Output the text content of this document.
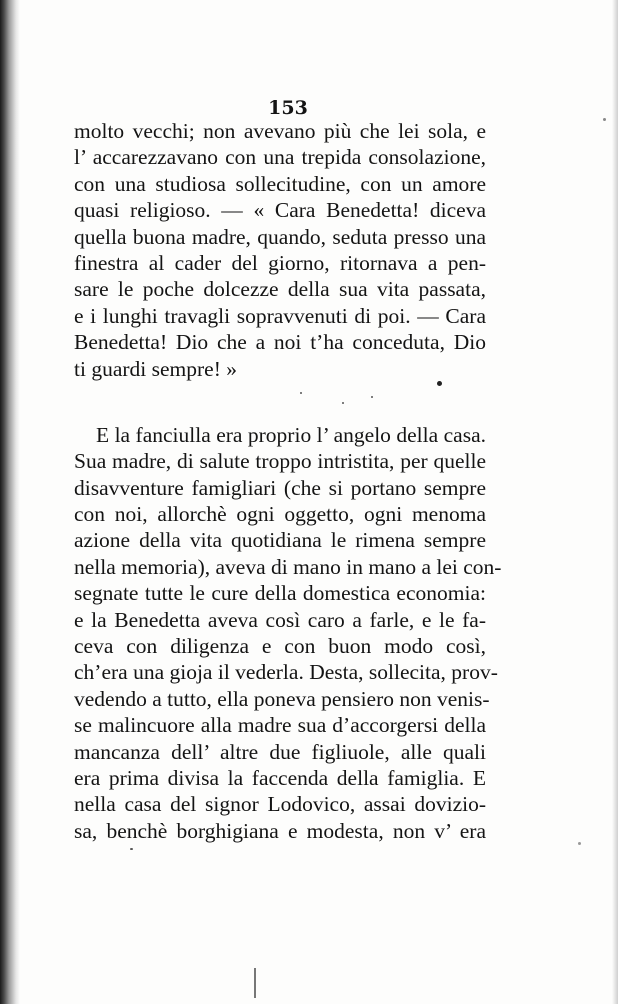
153
molto vecchi; non avevano più che lei sola, e
l’ accarezzavano con una trepida consolazione,
con una studiosa sollecitudine, con un amore
quasi religioso. — « Cara Benedetta! diceva
quella buona madre, quando, seduta presso una
finestra al cader del giorno, ritornava a pen-
sare le poche dolcezze della sua vita passata,
e i lunghi travagli sopravvenuti di poi. — Cara
Benedetta! Dio che a noi t’ha conceduta, Dio
ti guardi sempre! »
E la fanciulla era proprio l’ angelo della casa.
Sua madre, di salute troppo intristita, per quelle
disavventure famigliari (che si portano sempre
con noi, allorchè ogni oggetto, ogni menoma
azione della vita quotidiana le rimena sempre
nella memoria), aveva di mano in mano a lei con-
segnate tutte le cure della domestica economia:
e la Benedetta aveva così caro a farle, e le fa-
ceva con diligenza e con buon modo così,
ch’era una gioja il vederla. Desta, sollecita, prov-
vedendo a tutto, ella poneva pensiero non venis-
se malincuore alla madre sua d’accorgersi della
mancanza dell’ altre due figliuole, alle quali
era prima divisa la faccenda della famiglia. E
nella casa del signor Lodovico, assai dovizio-
sa, benchè borghigiana e modesta, non v’ era
